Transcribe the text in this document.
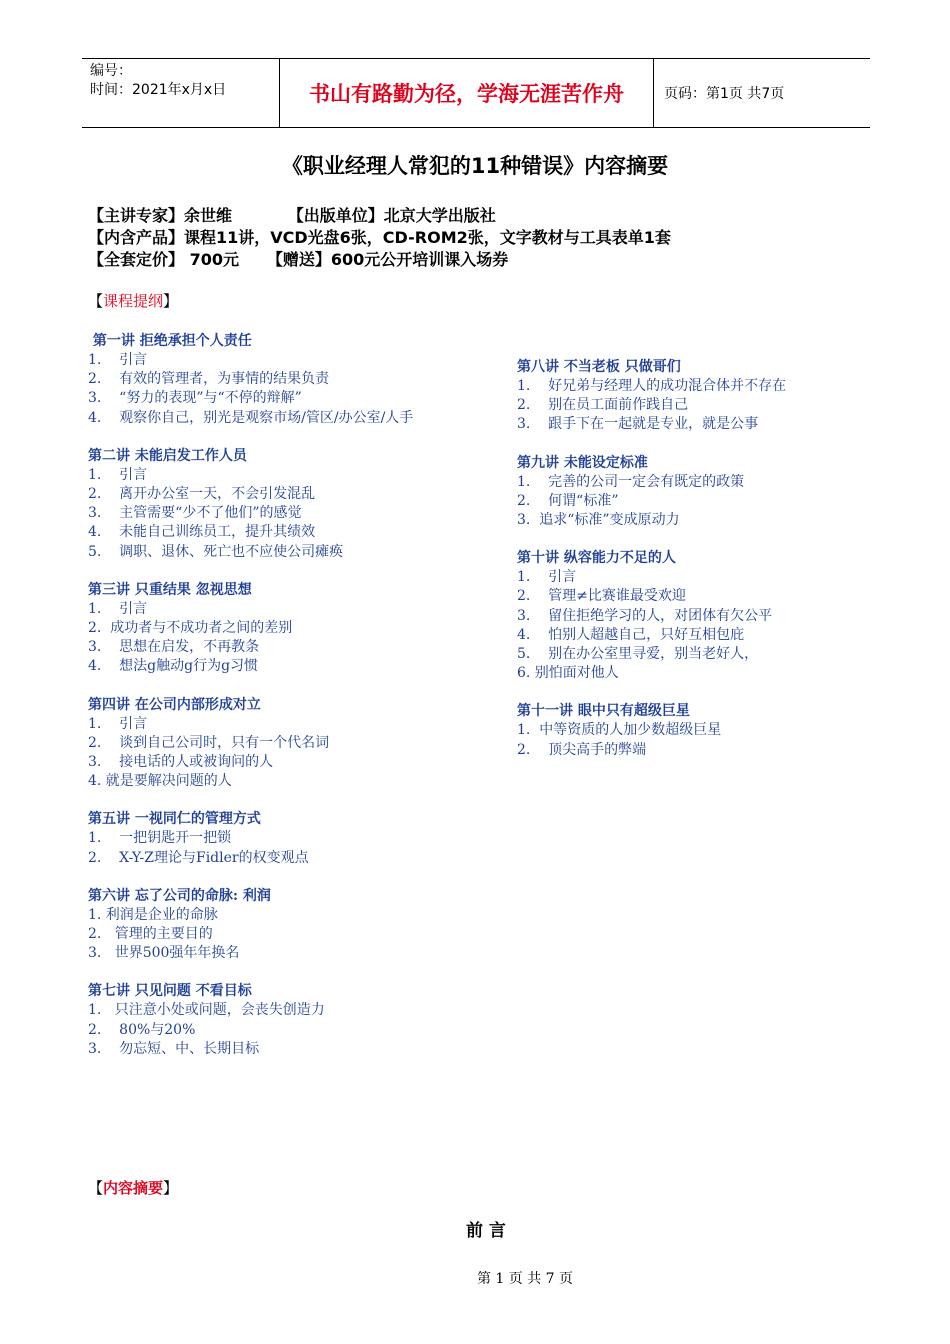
编号：
时间：2021年x月x日	书山有路勤为径，学海无涯苦作舟	页码：第1页 共7页
《职业经理人常犯的11种错误》内容摘要
【主讲专家】余世维          【出版单位】北京大学出版社
【内含产品】课程11讲，VCD光盘6张，CD-ROM2张，文字教材与工具表单1套
【全套定价】 700元     【赠送】600元公开培训课入场券
【课程提纲】
第一讲 拒绝承担个人责任
1.    引言
2.    有效的管理者，为事情的结果负责
3.    “努力的表现”与“不停的辩解”
4.    观察你自己，别光是观察市场/管区/办公室/人手
第二讲 未能启发工作人员
1.    引言
2.    离开办公室一天，不会引发混乱
3.    主管需要“少不了他们”的感觉
4.    未能自己训练员工，提升其绩效
5.    调职、退休、死亡也不应使公司瘫痪
第三讲 只重结果 忽视思想
1.    引言
2.  成功者与不成功者之间的差别
3.    思想在启发，不再教条
4.    想法g触动g行为g习惯
第四讲 在公司内部形成对立
1.    引言
2.    谈到自己公司时，只有一个代名词
3.    接电话的人或被询问的人
4. 就是要解决问题的人
第五讲 一视同仁的管理方式
1.    一把钥匙开一把锁
2.    X-Y-Z理论与Fidler的权变观点
第六讲 忘了公司的命脉: 利润
1. 利润是企业的命脉
2.   管理的主要目的
3.   世界500强年年换名
第七讲 只见问题 不看目标
1.   只注意小处或问题，会丧失创造力
2.    80%与20%
3.    勿忘短、中、长期目标
第八讲 不当老板 只做哥们
1.    好兄弟与经理人的成功混合体并不存在
2.    别在员工面前作践自己
3.    跟手下在一起就是专业，就是公事
第九讲 未能设定标准
1.    完善的公司一定会有既定的政策
2.    何谓“标准”
3.  追求“标准”变成原动力
第十讲 纵容能力不足的人
1.    引言
2.    管理≠比赛谁最受欢迎
3.    留住拒绝学习的人，对团体有欠公平
4.    怕别人超越自己，只好互相包庇
5.    别在办公室里寻爱，别当老好人，
6. 别怕面对他人
第十一讲 眼中只有超级巨星
1.  中等资质的人加少数超级巨星
2.    顶尖高手的弊端
【内容摘要】
前 言
第 1 页 共 7 页
